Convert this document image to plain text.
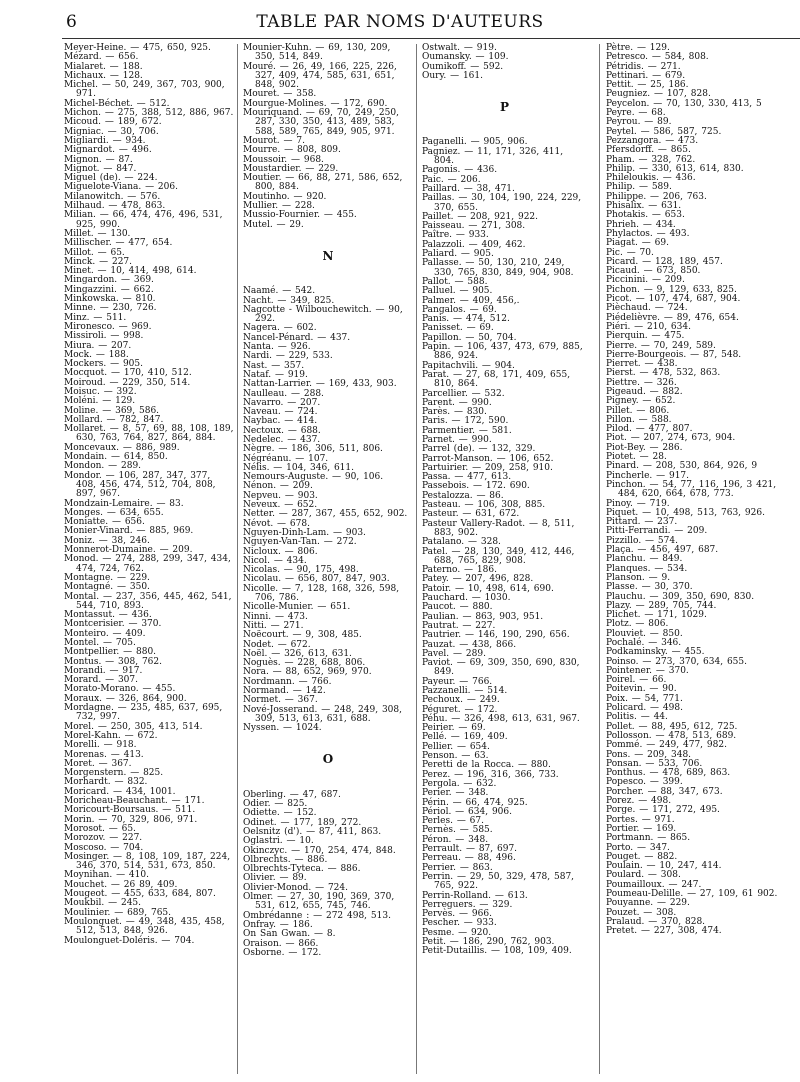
6	TABLE PAR NOMS D'AUTEURS
Meyer-Heine. — 475, 650, 925.
Mézard. — 656.
Mialaret. — 188.
Michaux. — 128.
Michel. — 50, 249, 367, 703, 900, 971.
Michel-Béchet. — 512.
Michon. — 275, 388, 512, 886, 967.
Micoud. — 189, 672.
Migniac. — 30, 706.
Migliardi. — 934.
Mignardot. — 496.
Mignon. — 87.
Mignot. — 847.
Miguel (de). — 224.
Miguelote-Viana. — 206.
Milanowitch. — 576.
Milhaud. — 478, 863.
Milian. — 66, 474, 476, 496, 531, 925, 990.
Millet. — 130.
Millischer. — 477, 654.
Millot. — 65.
Minck. — 227.
Minet. — 10, 414, 498, 614.
Mingardon. — 369.
Mingazzini. — 662.
Minkowska. — 810.
Minne. — 230, 726.
Minz. — 511.
Mironesco. — 969.
Missiroli. — 998.
Miura. — 207.
Mock. — 188.
Mockers. — 905.
Mocquot. — 170, 410, 512.
Moiroud. — 229, 350, 514.
Moisuc. — 392.
Moléni. — 129.
Moline. — 369, 586.
Mollard. — 782, 847.
Mollaret. — 8, 57, 69, 88, 108, 189, 630, 763, 764, 827, 864, 884.
Moncevaux. — 886, 989.
Mondain. — 614, 850.
Mondon. — 289.
Mondor. — 106, 287, 347, 377, 408, 456, 474, 512, 704, 808, 897, 967.
Mondzain-Lemaire. — 83.
Monges. — 634, 655.
Moniatte. — 656.
Monier-Vinard. — 885, 969.
Moniz. — 38, 246.
Monnerot-Dumaine. — 209.
Monod. — 274, 288, 299, 347, 434, 474, 724, 762.
Montagne. — 229.
Montagné. — 350.
Montal. — 237, 356, 445, 462, 541, 544, 710, 893.
Montassut. — 436.
Montcerisier. — 370.
Monteiro. — 409.
Montel. — 705.
Montpellier. — 880.
Montus. — 308, 762.
Morandi. — 917.
Morard. — 307.
Morato-Morano. — 455.
Moraux. — 326, 864, 900.
Mordagne. — 235, 485, 637, 695, 732, 997.
Morel. — 250, 305, 413, 514.
Morel-Kahn. — 672.
Morelli. — 918.
Morenas. — 413.
Moret. — 367.
Morgenstern. — 825.
Morhardt. — 832.
Moricard. — 434, 1001.
Moricheau-Beauchant. — 171.
Moricourt-Boursaus. — 511.
Morin. — 70, 329, 806, 971.
Morosot. — 65.
Morozov. — 227.
Moscoso. — 704.
Mosinger. — 8, 108, 109, 187, 224, 346, 370, 514, 531, 673, 850.
Moynihan. — 410.
Mouchet. — 26 89, 409.
Mougeot. — 455, 633, 684, 807.
Moukbil. — 245.
Moulinier. — 689, 765.
Moulonguet. — 49, 348, 435, 458, 512, 513, 848, 926.
Moulonguet-Doléris. — 704.
Mounier-Kuhn. — 69, 130, 209, 350, 514, 849.
Mouré. — 26, 49, 166, 225, 226, 327, 409, 474, 585, 631, 651, 848, 902.
Mouret. — 358.
Mourgue-Molines. — 172, 690.
Mouriquand. — 69, 70, 249, 250, 287, 330, 350, 413, 489, 583, 588, 589, 765, 849, 905, 971.
Mourot. — 7.
Mourre. — 808, 809.
Moussoir. — 968.
Moustardier. — 229.
Moutier. — 66, 88, 271, 586, 652, 800, 884.
Moutinho. — 920.
Mullier. — 228.
Mussio-Fournier. — 455.
Mutel. — 29.
N
Naamé. — 542.
Nacht. — 349, 825.
Nagcotte - Wilbouchewitch. — 90, 292.
Nagera. — 602.
Nancel-Pénard. — 437.
Nanta. — 926.
Nardi. — 229, 533.
Nast. — 357.
Nataf. — 919.
Nattan-Larrier. — 169, 433, 903.
Naulleau. — 288.
Navarro. — 207.
Naveau. — 724.
Naybac. — 414.
Nectoux. — 688.
Nedelec. — 437.
Nègre. — 186, 306, 511, 806.
Négréanu. — 107.
Nélis. — 104, 346, 611.
Nemours-Auguste. — 90, 106.
Nénon. — 209.
Nepveu. — 903.
Neveux. — 652.
Netter. — 287, 367, 455, 652, 902.
Névot. — 678.
Nguyen-Dinh-Lam. — 903.
Nguyen-Van-Tan. — 272.
Nicloux. — 806.
Nicol. — 434.
Nicolas. — 90, 175, 498.
Nicolau. — 656, 807, 847, 903.
Nicolle. — 7, 128, 168, 326, 598, 706, 786.
Nicolle-Munier. — 651.
Ninni. — 473.
Nitti. — 271.
Noëcourt. — 9, 308, 485.
Nodet. — 672.
Noël. — 326, 613, 631.
Noguès. — 228, 688, 806.
Nora. — 88, 652, 969, 970.
Nordmann. — 766.
Normand. — 142.
Normet. — 367.
Nové-Josserand. — 248, 249, 308, 309, 513, 613, 631, 688.
Nyssen. — 1024.
O
Oberling. — 47, 687.
Odier. — 825.
Odiette. — 152.
Odinet. — 177, 189, 272.
Oelsnitz (d'). — 87, 411, 863.
Oglastri. — 10.
Okinczyc. — 170, 254, 474, 848.
Olbrechts. — 886.
Olbrechts-Tyteca. — 886.
Olivier. — 89.
Olivier-Monod. — 724.
Olmer. — 27, 30, 190, 369, 370, 531, 612, 655, 745, 746.
Ombrédanne : — 272 498, 513.
Onfray. — 186.
On San Gwan. — 8.
Oraison. — 866.
Osborne. — 172.
Ostwalt. — 919.
Oumansky. — 109.
Oumikoff. — 592.
Oury. — 161.
P
Paganelli. — 905, 906.
Pagniez. — 11, 171, 326, 411, 804.
Pagonis. — 436.
Paic. — 206.
Paillard. — 38, 471.
Paillas. — 30, 104, 190, 224, 229, 370, 655.
Paillet. — 208, 921, 922.
Paisseau. — 271, 308.
Paître. — 933.
Palazzoli. — 409, 462.
Paliard. — 905.
Pallasse. — 50, 130, 210, 249, 330, 765, 830, 849, 904, 908.
Pallot. — 588.
Palluel. — 905.
Palmer. — 409, 456,.
Pangalos. — 69.
Panis. — 474, 512.
Panisset. — 69.
Papillon. — 50, 704.
Papin. — 106, 437, 473, 679, 885, 886, 924.
Papitachvili. — 904.
Parat. — 27, 68, 171, 409, 655, 810, 864.
Parcellier. — 532.
Parent. — 990.
Parès. — 830.
Paris. — 172, 590.
Parmentier. — 581.
Parnet. — 990.
Parrel (de). — 132, 329.
Parrot-Manson. — 106, 652.
Partuirier. — 209, 258, 910.
Passa. — 477, 613.
Passebois. — 172. 690.
Pestalozza. — 86.
Pasteau. — 106, 308, 885.
Pasteur. — 631, 672.
Pasteur Vallery-Radot. — 8, 511, 883, 902.
Patalano. — 328.
Patel. — 28, 130, 349, 412, 446, 688, 765, 829, 908.
Paterno. — 186.
Patey. — 207, 496, 828.
Patoir. — 10, 498, 614, 690.
Pauchard. — 1030.
Paucot. — 880.
Paulian. — 863, 903, 951.
Pautrat. — 227.
Pautrier. — 146, 190, 290, 656.
Pauzat. — 438, 866.
Pavel. — 289.
Paviot. — 69, 309, 350, 690, 830, 849.
Payeur. — 766.
Pazzanelli. — 514.
Pechoux. — 249.
Péguret. — 172.
Péhu. — 326, 498, 613, 631, 967.
Peirier. — 69.
Pellé. — 169, 409.
Pellier. — 654.
Penson. — 63.
Peretti de la Rocca. — 880.
Perez. — 196, 316, 366, 733.
Pergola. — 632.
Perier. — 348.
Périn. — 66, 474, 925.
Périol. — 634, 906.
Perles. — 67.
Pernès. — 585.
Péron. — 348.
Perrault. — 87, 697.
Perreau. — 88, 496.
Perrier. — 863.
Perrin. — 29, 50, 329, 478, 587, 765, 922.
Perrin-Rolland. — 613.
Perreguers. — 329.
Pervès. — 966.
Pescher. — 933.
Pesme. — 920.
Petit. — 186, 290, 762, 903.
Petit-Dutaillis. — 108, 109, 409.
Pètre. — 129.
Petresco. — 584, 808.
Pétridis. — 271.
Pettinari. — 679.
Pettit. — 25, 186.
Peugniez. — 107, 828.
Peycelon. — 70, 130, 330, 413, 5
Peyre. — 68.
Peyrou. — 89.
Peytel. — 586, 587, 725.
Pezzangora. — 473.
Pfersdorff. — 865.
Pham. — 328, 762.
Philip. — 330, 613, 614, 830.
Phileloukis. — 436.
Philip. — 589.
Philippe. — 206, 763.
Phisalix. — 631.
Photakis. — 653.
Phrieh. — 434.
Phylactos. — 493.
Piagat. — 69.
Pic. — 70.
Picard. — 128, 189, 457.
Picaud. — 673, 850.
Piccinini. — 209.
Pichon. — 9, 129, 633, 825.
Picot. — 107, 474, 687, 904.
Pièchaud. — 724.
Piédelièvre. — 89, 476, 654.
Piéri. — 210, 634.
Pierquin. — 475.
Pierre. — 70, 249, 589.
Pierre-Bourgeois. — 87, 548.
Pierret. — 438.
Pierst. — 478, 532, 863.
Piettre. — 326.
Pigeaud. — 882.
Pigney. — 652.
Pillet. — 806.
Pillon. — 588.
Pilod. — 477, 807.
Piot. — 207, 274, 673, 904.
Piot-Bey. — 286.
Piotet. — 28.
Pinard. — 208, 530, 864, 926, 9
Pincherle. — 917.
Pinchon. — 54, 77, 116, 196, 3 421, 484, 620, 664, 678, 773.
Pinoy. — 719.
Piquet. — 10, 498, 513, 763, 926.
Pittard. — 237.
Pitti-Ferrandi. — 209.
Pizzillo. — 574.
Plaça. — 456, 497, 687.
Planchu. — 849.
Planques. — 534.
Planson. — 9.
Plasse. — 30, 370.
Plauchu. — 309, 350, 690, 830.
Plazy. — 289, 705, 744.
Plichet. — 171, 1029.
Plotz. — 806.
Plouviet. — 850.
Pochalé. — 346.
Podkaminsky. — 455.
Poinso. — 273, 370, 634, 655.
Pointener. — 370.
Poirel. — 66.
Poitevin. — 90.
Poix. — 54, 771.
Policard. — 498.
Politis. — 44.
Pollet. — 88, 495, 612, 725.
Pollosson. — 478, 513, 689.
Pommé. — 249, 477, 982.
Pons. — 209, 348.
Ponsan. — 533, 706.
Ponthus. — 478, 689, 863.
Popesco. — 399.
Porcher. — 88, 347, 673.
Porez. — 498.
Porge. — 171, 272, 495.
Portes. — 971.
Portier. — 169.
Portmann. — 865.
Porto. — 347.
Pouget. — 882.
Poulain. — 10, 247, 414.
Poulard. — 308.
Poumailloux. — 247.
Poumeau-Delille. — 27, 109, 61 902.
Pouyanne. — 229.
Pouzet. — 308.
Pralaud. — 370, 828.
Pretet. — 227, 308, 474.
